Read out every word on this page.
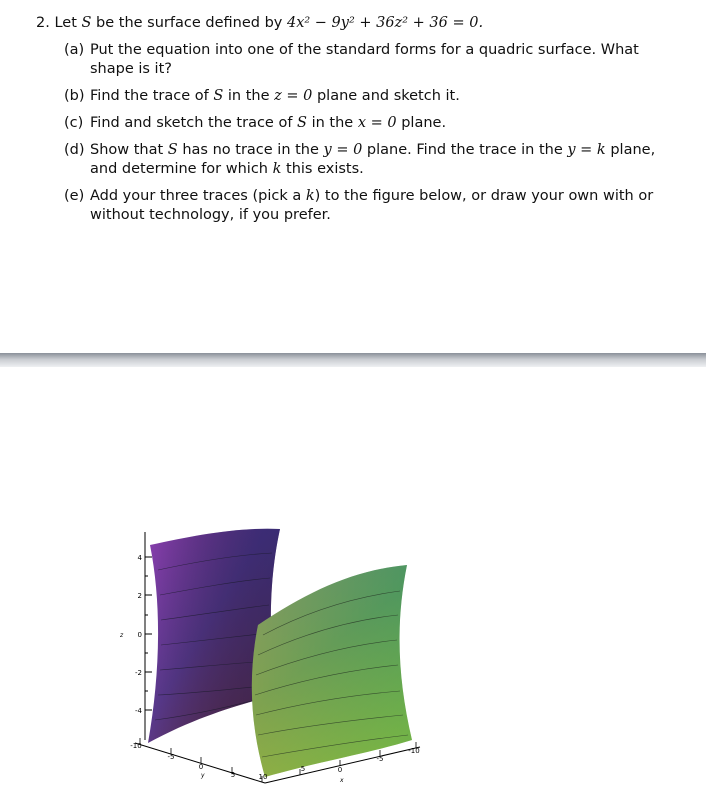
2. Let S be the surface defined by 4x² − 9y² + 36z² + 36 = 0.
(a) Put the equation into one of the standard forms for a quadric surface. What shape is it?
(b) Find the trace of S in the z = 0 plane and sketch it.
(c) Find and sketch the trace of S in the x = 0 plane.
(d) Show that S has no trace in the y = 0 plane. Find the trace in the y = k plane, and determine for which k this exists.
(e) Add your three traces (pick a k) to the figure below, or draw your own with or without technology, if you prefer.
4
2
0
-2
-4
z
-10
-5
0
5	10
y
5	0
-5
-10
x
